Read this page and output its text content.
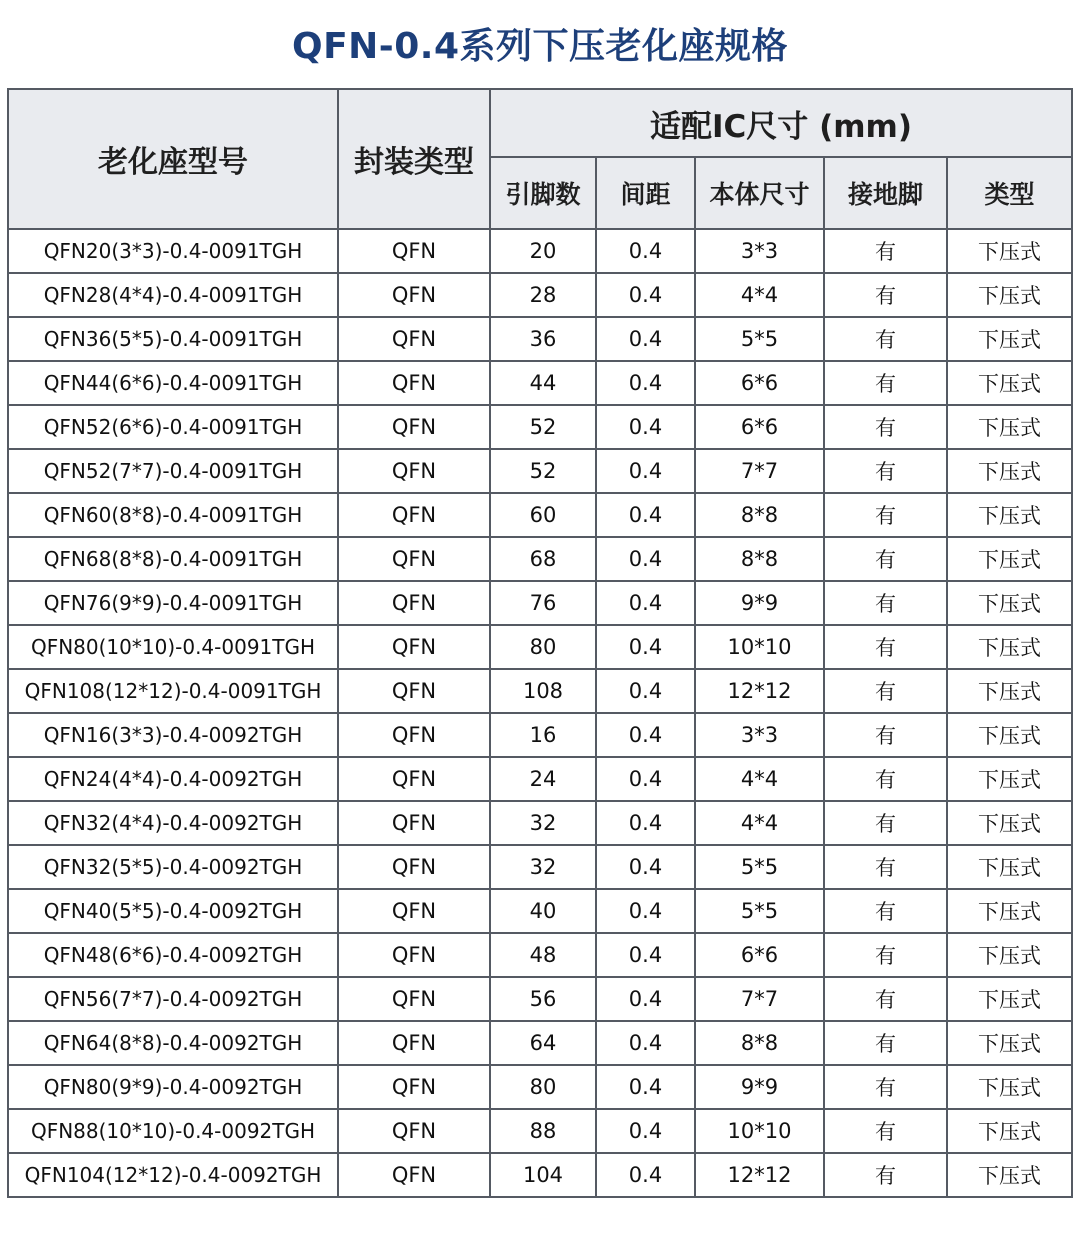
QFN-0.4系列下压老化座规格
老化座型号	封装类型	适配IC尺寸 (mm)				
		引脚数	间距	本体尺寸	接地脚	类型
QFN20(3*3)-0.4-0091TGH	QFN	20	0.4	3*3	有	下压式
QFN28(4*4)-0.4-0091TGH	QFN	28	0.4	4*4	有	下压式
QFN36(5*5)-0.4-0091TGH	QFN	36	0.4	5*5	有	下压式
QFN44(6*6)-0.4-0091TGH	QFN	44	0.4	6*6	有	下压式
QFN52(6*6)-0.4-0091TGH	QFN	52	0.4	6*6	有	下压式
QFN52(7*7)-0.4-0091TGH	QFN	52	0.4	7*7	有	下压式
QFN60(8*8)-0.4-0091TGH	QFN	60	0.4	8*8	有	下压式
QFN68(8*8)-0.4-0091TGH	QFN	68	0.4	8*8	有	下压式
QFN76(9*9)-0.4-0091TGH	QFN	76	0.4	9*9	有	下压式
QFN80(10*10)-0.4-0091TGH	QFN	80	0.4	10*10	有	下压式
QFN108(12*12)-0.4-0091TGH	QFN	108	0.4	12*12	有	下压式
QFN16(3*3)-0.4-0092TGH	QFN	16	0.4	3*3	有	下压式
QFN24(4*4)-0.4-0092TGH	QFN	24	0.4	4*4	有	下压式
QFN32(4*4)-0.4-0092TGH	QFN	32	0.4	4*4	有	下压式
QFN32(5*5)-0.4-0092TGH	QFN	32	0.4	5*5	有	下压式
QFN40(5*5)-0.4-0092TGH	QFN	40	0.4	5*5	有	下压式
QFN48(6*6)-0.4-0092TGH	QFN	48	0.4	6*6	有	下压式
QFN56(7*7)-0.4-0092TGH	QFN	56	0.4	7*7	有	下压式
QFN64(8*8)-0.4-0092TGH	QFN	64	0.4	8*8	有	下压式
QFN80(9*9)-0.4-0092TGH	QFN	80	0.4	9*9	有	下压式
QFN88(10*10)-0.4-0092TGH	QFN	88	0.4	10*10	有	下压式
QFN104(12*12)-0.4-0092TGH	QFN	104	0.4	12*12	有	下压式
